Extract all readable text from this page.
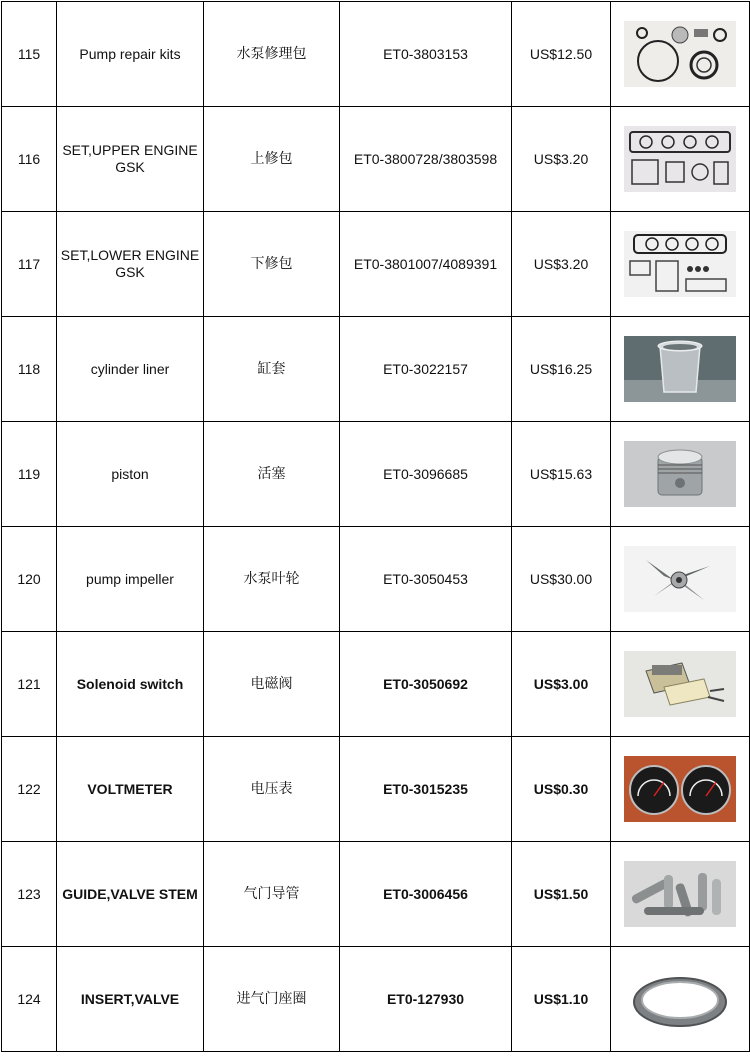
115	Pump repair kits	水泵修理包	ET0-3803153	US$12.50	

116	SET,UPPER ENGINE GSK	上修包	ET0-3800728/3803598	US$3.20	

117	SET,LOWER ENGINE GSK	下修包	ET0-3801007/4089391	US$3.20	

118	cylinder liner	缸套	ET0-3022157	US$16.25	

119	piston	活塞	ET0-3096685	US$15.63	

120	pump impeller	水泵叶轮	ET0-3050453	US$30.00	

121	Solenoid switch	电磁阀	ET0-3050692	US$3.00	

122	VOLTMETER	电压表	ET0-3015235	US$0.30	

123	GUIDE,VALVE STEM	气门导管	ET0-3006456	US$1.50	

124	INSERT,VALVE	进气门座圈	ET0-127930	US$1.10	
